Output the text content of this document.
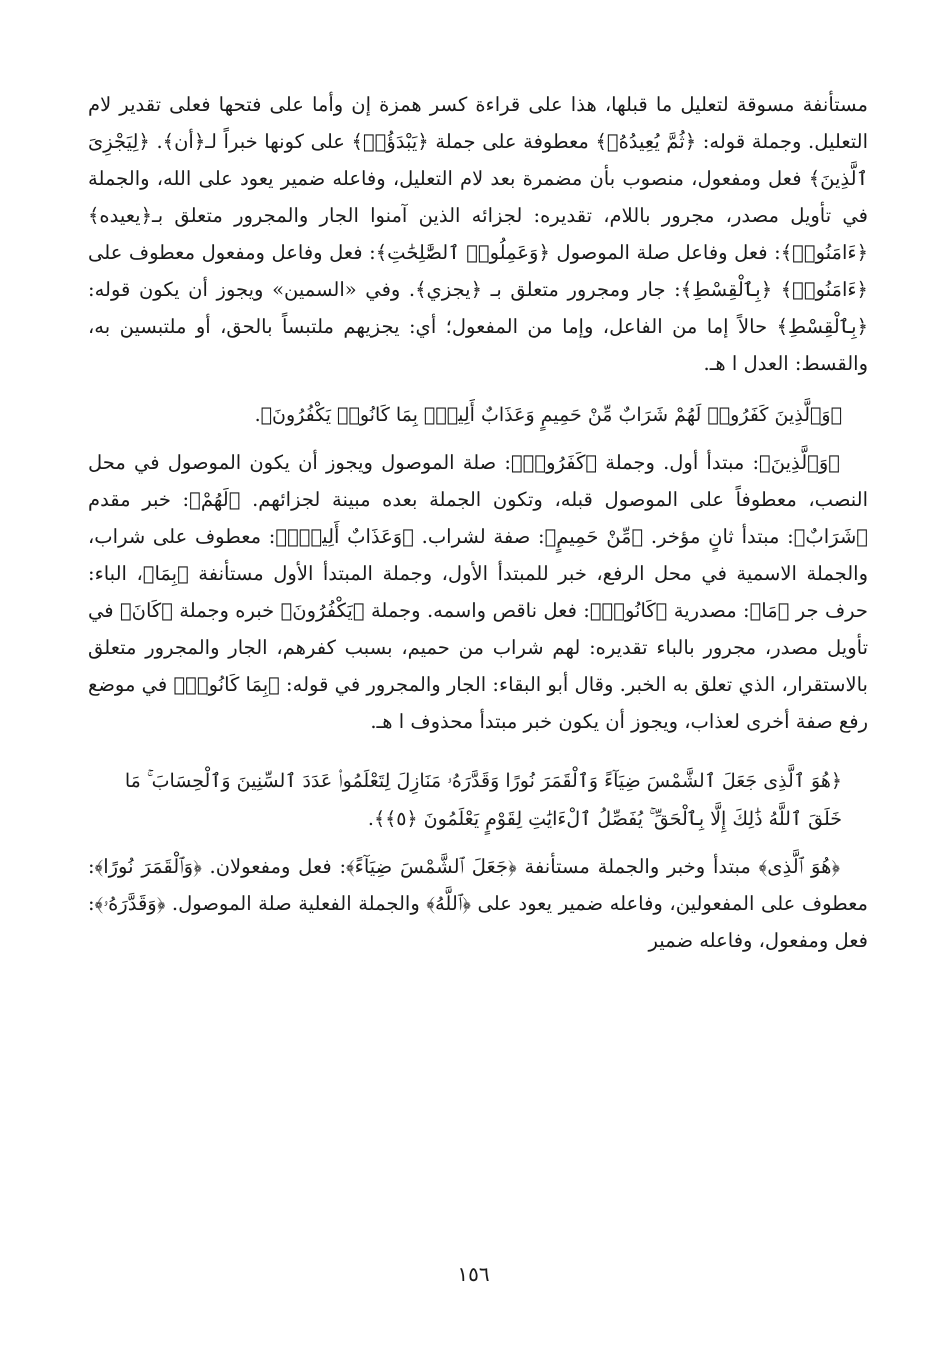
مستأنفة مسوقة لتعليل ما قبلها، هذا على قراءة كسر همزة إن وأما على فتحها فعلى تقدير لام التعليل. وجملة قوله: ﴿ثُمَّ يُعِيدُهُۥ﴾ معطوفة على جملة ﴿يَبْدَؤُا۟﴾ على كونها خبراً لـ﴿أن﴾. ﴿لِيَجْزِىَ ٱلَّذِينَ﴾ فعل ومفعول، منصوب بأن مضمرة بعد لام التعليل، وفاعله ضمير يعود على الله، والجملة في تأويل مصدر، مجرور باللام، تقديره: لجزائه الذين آمنوا الجار والمجرور متعلق بـ﴿يعيده﴾ ﴿ءَامَنُوا۟﴾: فعل وفاعل صلة الموصول ﴿وَعَمِلُوا۟ ٱلصَّٰلِحَٰتِ﴾: فعل وفاعل ومفعول معطوف على ﴿ءَامَنُوا۟﴾ ﴿بِٱلْقِسْطِ﴾: جار ومجرور متعلق بـ ﴿يجزي﴾. وفي «السمين» ويجوز أن يكون قوله: ﴿بِٱلْقِسْطِ﴾ حالاً إما من الفاعل، وإما من المفعول؛ أي: يجزيهم ملتبساً بالحق، أو ملتبسين به، والقسط: العدل ا هـ.

﴿وَٱلَّذِينَ كَفَرُوا۟ لَهُمْ شَرَابٌ مِّنْ حَمِيمٍ وَعَذَابٌ أَلِيمٌۢ بِمَا كَانُوا۟ يَكْفُرُونَ﴾.

﴿وَٱلَّذِينَ﴾: مبتدأ أول. وجملة ﴿كَفَرُوا۟﴾: صلة الموصول ويجوز أن يكون الموصول في محل النصب، معطوفاً على الموصول قبله، وتكون الجملة بعده مبينة لجزائهم. ﴿لَهُمْ﴾: خبر مقدم ﴿شَرَابٌ﴾: مبتدأ ثانٍ مؤخر. ﴿مِّنْ حَمِيمٍ﴾: صفة لشراب. ﴿وَعَذَابٌ أَلِيمٌۢ﴾: معطوف على شراب، والجملة الاسمية في محل الرفع، خبر للمبتدأ الأول، وجملة المبتدأ الأول مستأنفة ﴿بِمَا﴾، الباء: حرف جر ﴿مَا﴾: مصدرية ﴿كَانُوا۟﴾: فعل ناقص واسمه. وجملة ﴿يَكْفُرُونَ﴾ خبره وجملة ﴿كَانَ﴾ في تأويل مصدر، مجرور بالباء تقديره: لهم شراب من حميم، بسبب كفرهم، الجار والمجرور متعلق بالاستقرار، الذي تعلق به الخبر. وقال أبو البقاء: الجار والمجرور في قوله: ﴿بِمَا كَانُوا۟﴾ في موضع رفع صفة أخرى لعذاب، ويجوز أن يكون خبر مبتدأ محذوف ا هـ.

﴿هُوَ ٱلَّذِى جَعَلَ ٱلشَّمْسَ ضِيَآءً وَٱلْقَمَرَ نُورًا وَقَدَّرَهُۥ مَنَازِلَ لِتَعْلَمُوا۟ عَدَدَ ٱلسِّنِينَ وَٱلْحِسَابَ ۚ مَا خَلَقَ ٱللَّهُ ذَٰلِكَ إِلَّا بِٱلْحَقِّ ۚ يُفَصِّلُ ٱلْءَايَٰتِ لِقَوْمٍ يَعْلَمُونَ ﴿٥﴾﴾.

﴿هُوَ ٱلَّذِى﴾ مبتدأ وخبر والجملة مستأنفة ﴿جَعَلَ ٱلشَّمْسَ ضِيَآءً﴾: فعل ومفعولان. ﴿وَٱلْقَمَرَ نُورًا﴾: معطوف على المفعولين، وفاعله ضمير يعود على ﴿ٱللَّهُ﴾ والجملة الفعلية صلة الموصول. ﴿وَقَدَّرَهُۥ﴾: فعل ومفعول، وفاعله ضمير

١٥٦
